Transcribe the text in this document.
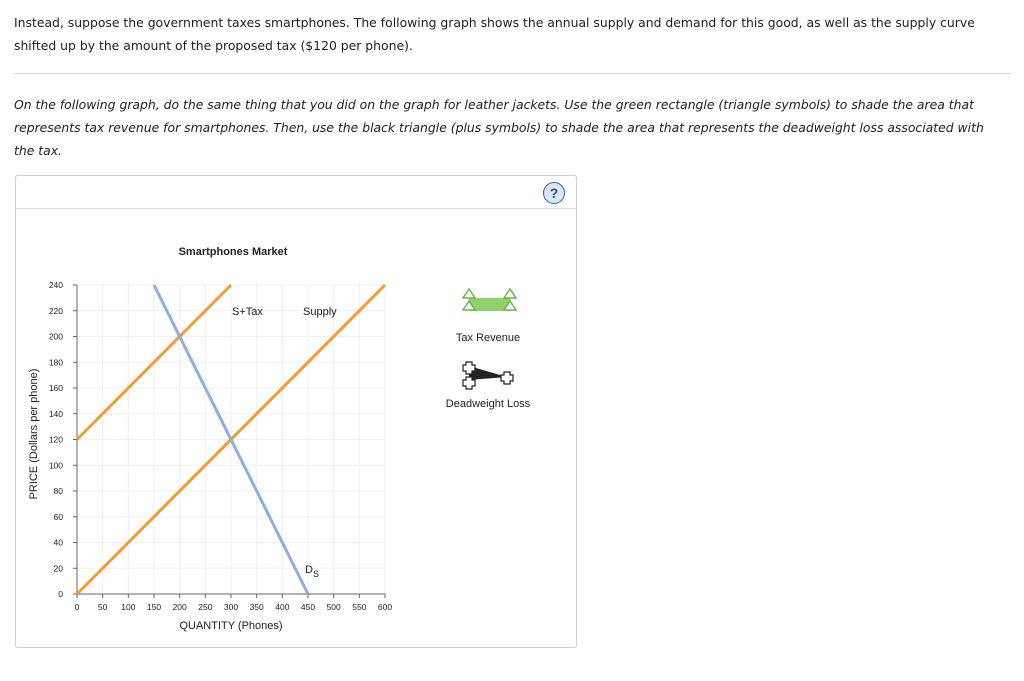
Instead, suppose the government taxes smartphones. The following graph shows the annual supply and demand for this good, as well as the supply curve shifted up by the amount of the proposed tax ($120 per phone).

On the following graph, do the same thing that you did on the graph for leather jackets. Use the green rectangle (triangle symbols) to shade the area that represents tax revenue for smartphones. Then, use the black triangle (plus symbols) to shade the area that represents the deadweight loss associated with the tax.

?
0
20
40
60
80
100
120
140
160
180
200
220
240
0 50 100 150 200 250 300 350 400 450 500 550 600
Smartphones Market
PRICE (Dollars per phone)
QUANTITY (Phones)
S+Tax	Supply
$D_S$
Tax Revenue
Deadweight Loss
